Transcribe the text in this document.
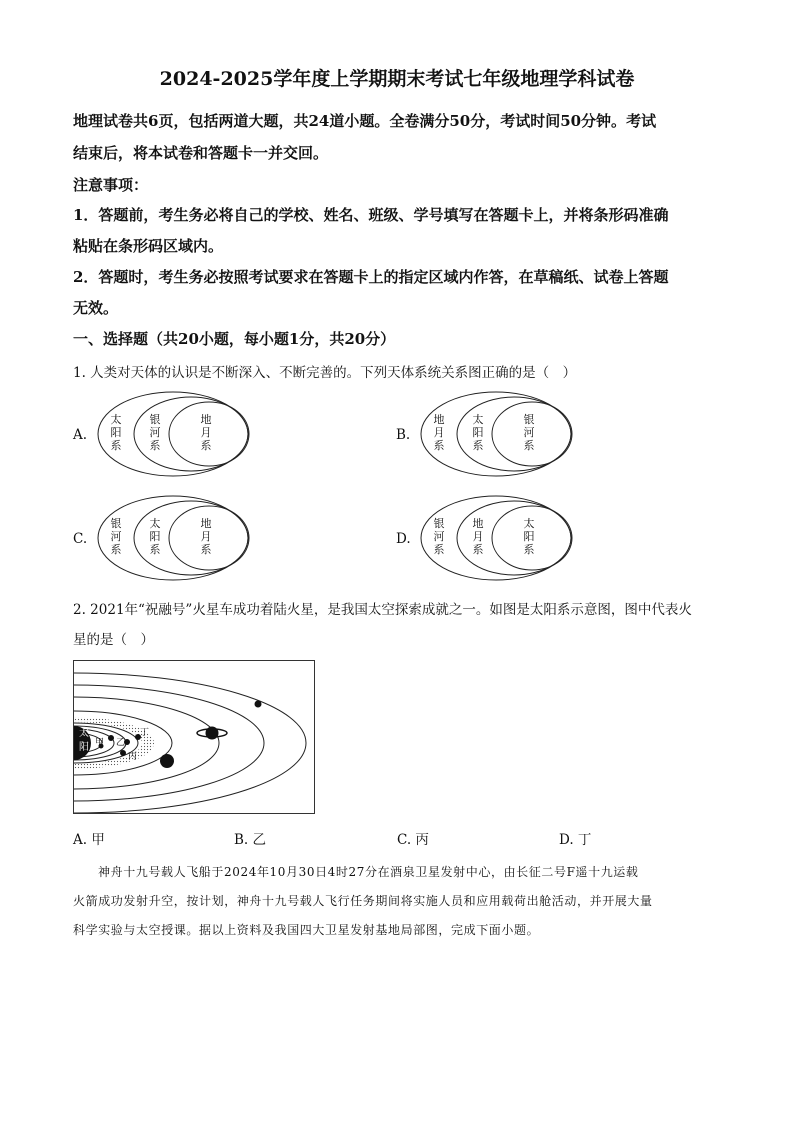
2024-2025学年度上学期期末考试七年级地理学科试卷
地理试卷共6页，包括两道大题，共24道小题。全卷满分50分，考试时间50分钟。考试
结束后，将本试卷和答题卡一并交回。
注意事项：
1．答题前，考生务必将自己的学校、姓名、班级、学号填写在答题卡上，并将条形码准确
粘贴在条形码区域内。
2．答题时，考生务必按照考试要求在答题卡上的指定区域内作答，在草稿纸、试卷上答题
无效。
一、选择题（共20小题，每小题1分，共20分）
1. 人类对天体的认识是不断深入、不断完善的。下列天体系统关系图正确的是（　）
A.
太
阳
系
银
河
系
地
月
系
B.
地
月
系
太
阳
系
银
河
系
C.
银
河
系
太
阳
系
地
月
系
D.
银
河
系
地
月
系
太
阳
系
2. 2021年“祝融号”火星车成功着陆火星，是我国太空探索成就之一。如图是太阳系示意图，图中代表火
星的是（　）
太
阳 甲 乙
丙
丁
A. 甲	B. 乙	C. 丙	D. 丁
神舟十九号载人飞船于2024年10月30日4时27分在酒泉卫星发射中心，由长征二号F遥十九运载
火箭成功发射升空，按计划，神舟十九号载人飞行任务期间将实施人员和应用载荷出舱活动，并开展大量
科学实验与太空授课。据以上资料及我国四大卫星发射基地局部图，完成下面小题。
